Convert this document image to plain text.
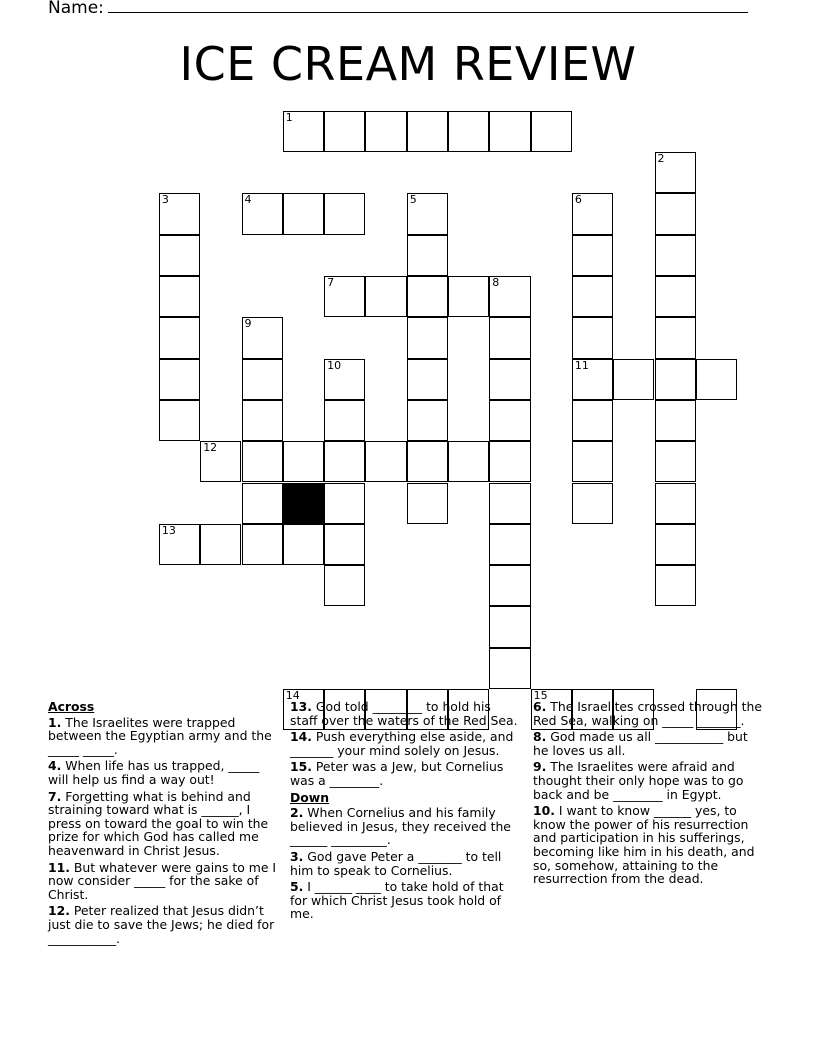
Name:
ICE CREAM REVIEW
1
2
3	4	5	6
7	8
9
10	11
12
13
14	15
Across
1. The Israelites were trapped between the Egyptian army and the _____ _____.
4. When life has us trapped, _____ will help us find a way out!
7. Forgetting what is behind and straining toward what is ______, I press on toward the goal to win the prize for which God has called me heavenward in Christ Jesus.
11. But whatever were gains to me I now consider _____ for the sake of Christ.
12. Peter realized that Jesus didn’t just die to save the Jews; he died for ___________.
13. God told ________ to hold his staff over the waters of the Red Sea.
14. Push everything else aside, and _______ your mind solely on Jesus.
15. Peter was a Jew, but Cornelius was a ________.
Down
2. When Cornelius and his family believed in Jesus, they received the ______ _________.
3. God gave Peter a _______ to tell him to speak to Cornelius.
5. I ______ ____ to take hold of that for which Christ Jesus took hold of me.
6. The Israelites crossed through the Red Sea, walking on _____ _______.
8. God made us all ___________ but he loves us all.
9. The Israelites were afraid and thought their only hope was to go back and be ________ in Egypt.
10. I want to know ______ yes, to know the power of his resurrection and participation in his sufferings, becoming like him in his death, and so, somehow, attaining to the resurrection from the dead.
